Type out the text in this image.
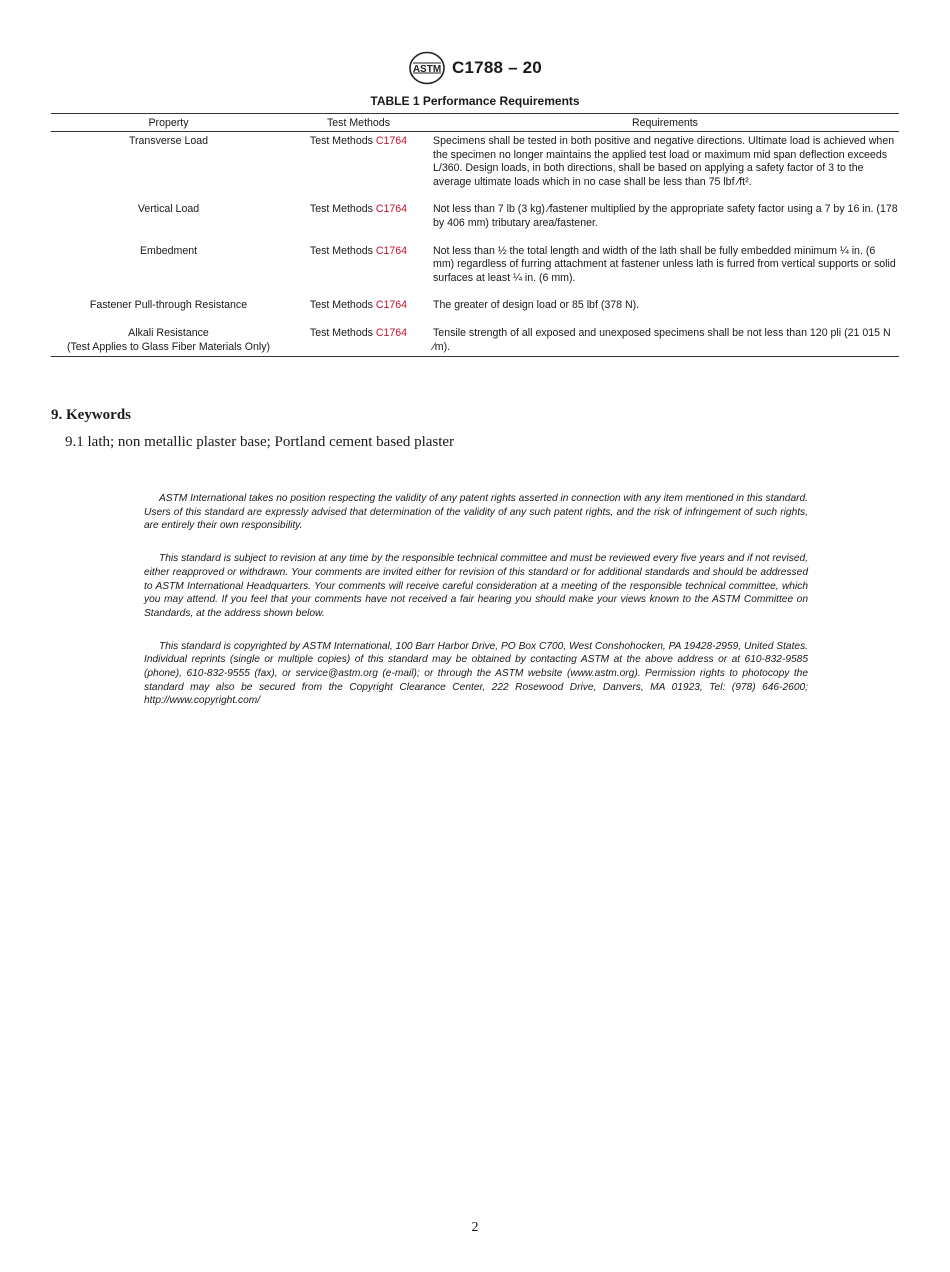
ASTM C1788 – 20
TABLE 1 Performance Requirements
Property	Test Methods	Requirements
Transverse Load	Test Methods C1764	Specimens shall be tested in both positive and negative directions. Ultimate load is achieved when the specimen no longer maintains the applied test load or maximum mid span deflection exceeds L/360. Design loads, in both directions, shall be based on applying a safety factor of 3 to the average ultimate loads which in no case shall be less than 75 lbf ⁄ft².
Vertical Load	Test Methods C1764	Not less than 7 lb (3 kg) ⁄fastener multiplied by the appropriate safety factor using a 7 by 16 in. (178 by 406 mm) tributary area/fastener.
Embedment	Test Methods C1764	Not less than ½ the total length and width of the lath shall be fully embedded minimum ¼ in. (6 mm) regardless of furring attachment at fastener unless lath is furred from vertical supports or solid surfaces at least ¼ in. (6 mm).
Fastener Pull-through Resistance	Test Methods C1764	The greater of design load or 85 lbf (378 N).
Alkali Resistance
(Test Applies to Glass Fiber Materials Only)	Test Methods C1764	Tensile strength of all exposed and unexposed specimens shall be not less than 120 pli (21 015 N ⁄m).
9. Keywords
9.1 lath; non metallic plaster base; Portland cement based plaster

ASTM International takes no position respecting the validity of any patent rights asserted in connection with any item mentioned in this standard. Users of this standard are expressly advised that determination of the validity of any such patent rights, and the risk of infringement of such rights, are entirely their own responsibility.

This standard is subject to revision at any time by the responsible technical committee and must be reviewed every five years and if not revised, either reapproved or withdrawn. Your comments are invited either for revision of this standard or for additional standards and should be addressed to ASTM International Headquarters. Your comments will receive careful consideration at a meeting of the responsible technical committee, which you may attend. If you feel that your comments have not received a fair hearing you should make your views known to the ASTM Committee on Standards, at the address shown below.

This standard is copyrighted by ASTM International, 100 Barr Harbor Drive, PO Box C700, West Conshohocken, PA 19428-2959, United States. Individual reprints (single or multiple copies) of this standard may be obtained by contacting ASTM at the above address or at 610-832-9585 (phone), 610-832-9555 (fax), or service@astm.org (e-mail); or through the ASTM website (www.astm.org). Permission rights to photocopy the standard may also be secured from the Copyright Clearance Center, 222 Rosewood Drive, Danvers, MA 01923, Tel: (978) 646-2600; http://www.copyright.com/

2
